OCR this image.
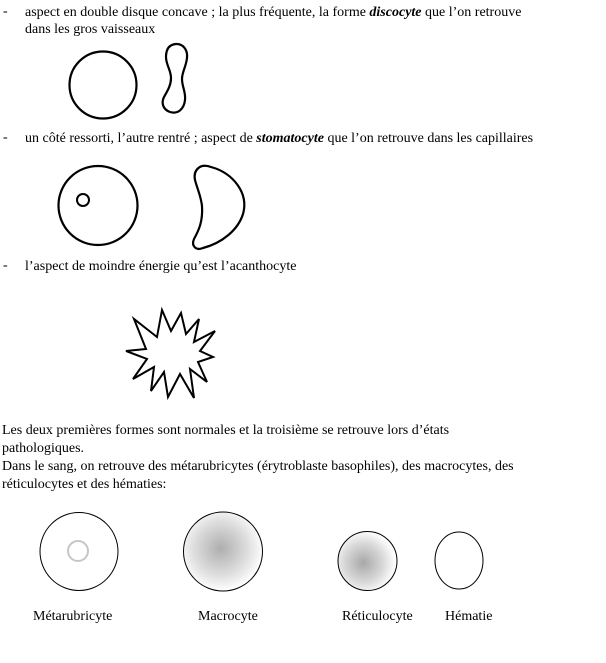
- aspect en double disque concave ; la plus fréquente, la forme discocyte que l’on retrouve
dans les gros vaisseaux
- un côté ressorti, l’autre rentré ; aspect de stomatocyte que l’on retrouve dans les capillaires
- l’aspect de moindre énergie qu’est l’acanthocyte
Les deux premières formes sont normales et la troisième se retrouve lors d’états
pathologiques.
Dans le sang, on retrouve des métarubricytes (érytroblaste basophiles), des macrocytes, des
réticulocytes et des hématies:
Métarubricyte	Macrocyte	Réticulocyte Hématie
